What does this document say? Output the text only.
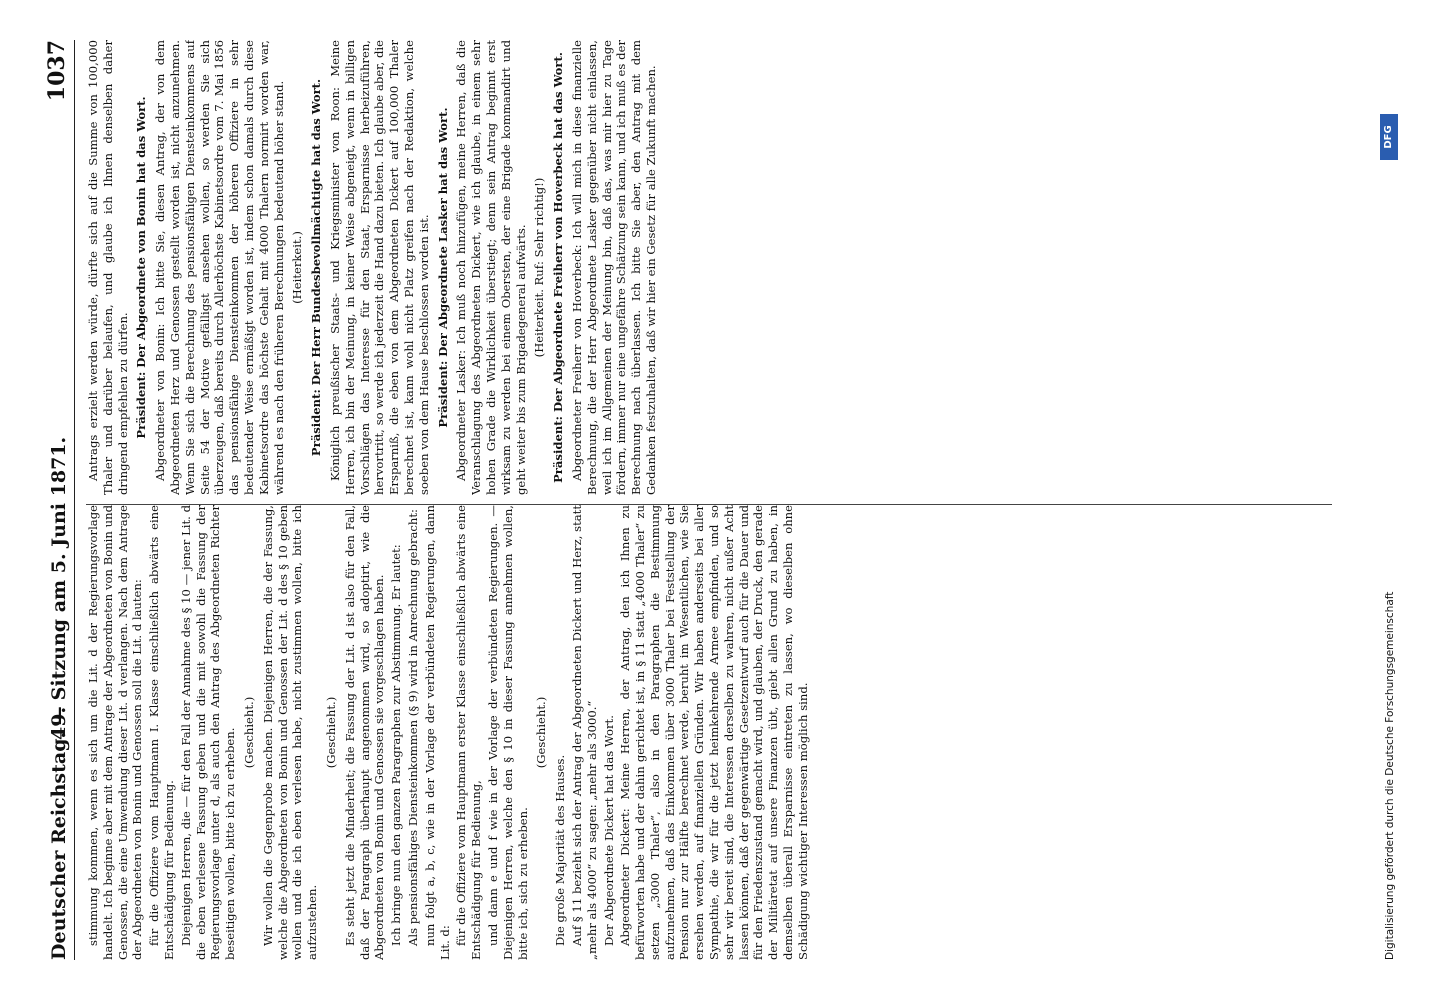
Deutscher Reichstag. —
49. Sitzung am 5. Juni 1871.
1037

stimmung kommen, wenn es sich um die Lit. d der Regierungsvorlage handelt. Ich beginne aber mit dem Antrage der Abgeordneten von Bonin und Genossen, die eine Umwendung dieser Lit. d verlangen. Nach dem Antrage der Abgeordneten von Bonin und Genossen soll die Lit. d lauten: für die Offiziere vom Hauptmann I. Klasse einschließlich abwärts eine Entschädigung für Bedienung. Diejenigen Herren, die — für den Fall der Annahme des § 10 — jener Lit. d die eben verlesene Fassung geben und die mit sowohl die Fassung der Regierungsvorlage unter d, als auch den Antrag des Abgeordneten Richter beseitigen wollen, bitte ich zu erheben. (Geschieht.) Wir wollen die Gegenprobe machen. Diejenigen Herren, die der Fassung, welche die Abgeordneten von Bonin und Genossen der Lit. d des § 10 geben wollen und die ich eben verlesen habe, nicht zustimmen wollen, bitte ich aufzustehen.

(Geschieht.) Es steht jetzt die Minderheit; die Fassung der Lit. d ist also für den Fall, daß der Paragraph überhaupt angenommen wird, so adoptirt, wie die Abgeordneten von Bonin und Genossen sie vorgeschlagen haben. Ich bringe nun den ganzen Paragraphen zur Abstimmung. Er lautet: Als pensionsfähiges Diensteinkommen (§ 9) wird in Anrechnung gebracht: nun folgt a, b, c, wie in der Vorlage der verbündeten Regierungen, dann Lit. d: für die Offiziere vom Hauptmann erster Klasse einschließlich abwärts eine Entschädigung für Bedienung, und dann e und f wie in der Vorlage der verbündeten Regierungen. — Diejenigen Herren, welche den § 10 in dieser Fassung annehmen wollen, bitte ich, sich zu erheben.

(Geschieht.)

Die große Majorität des Hauses. Auf § 11 bezieht sich der Antrag der Abgeordneten Dickert und Herz, statt „mehr als 4000“ zu sagen: „mehr als 3000.“ Der Abgeordnete Dickert hat das Wort. Abgeordneter Dickert: Meine Herren, der Antrag, den ich Ihnen zu befürworten habe und der dahin gerichtet ist, in § 11 statt „4000 Thaler“ zu setzen „3000 Thaler“, also in den Paragraphen die Bestimmung aufzunehmen, daß das Einkommen über 3000 Thaler bei Feststellung der Pension nur zur Hälfte berechnet werde, beruht im Wesentlichen, wie Sie ersehen werden, auf finanziellen Gründen. Wir haben anderseits bei aller Sympathie, die wir für die jetzt heimkehrende Armee empfinden, und so sehr wir bereit sind, die Interessen derselben zu wahren, nicht außer Acht lassen können, daß der gegenwärtige Gesetzentwurf auch für die Dauer und für den Friedenszustand gemacht wird, und glauben, der Druck, den gerade der Militäretat auf unsere Finanzen übt, giebt allen Grund zu haben, in demselben überall Ersparnisse eintreten zu lassen, wo dieselben ohne Schädigung wichtiger Interessen möglich sind.

Antrags erzielt werden würde, dürfte sich auf die Summe von 100,000 Thaler und darüber belaufen, und glaube ich Ihnen denselben daher dringend empfehlen zu dürfen. Präsident: Der Abgeordnete von Bonin hat das Wort. Abgeordneter von Bonin: Ich bitte Sie, diesen Antrag, der von dem Abgeordneten Herz und Genossen gestellt worden ist, nicht anzunehmen. Wenn Sie sich die Berechnung des pensionsfähigen Diensteinkommens auf Seite 54 der Motive gefälligst ansehen wollen, so werden Sie sich überzeugen, daß bereits durch Allerhöchste Kabinetsordre vom 7. Mai 1856 das pensionsfähige Diensteinkommen der höheren Offiziere in sehr bedeutender Weise ermäßigt worden ist, indem schon damals durch diese Kabinetsordre das höchste Gehalt mit 4000 Thalern normirt worden war, während es nach den früheren Berechnungen bedeutend höher stand. (Heiterkeit.) Präsident: Der Herr Bundesbevollmächtigte hat das Wort. Königlich preußischer Staats- und Kriegsminister von Roon: Meine Herren, ich bin der Meinung, in keiner Weise abgeneigt, wenn in billigen Vorschlägen das Interesse für den Staat, Ersparnisse herbeizuführen, hervortritt, so werde ich jederzeit die Hand dazu bieten. Ich glaube aber, die Ersparniß, die eben von dem Abgeordneten Dickert auf 100,000 Thaler berechnet ist, kann wohl nicht Platz greifen nach der Redaktion, welche soeben von dem Hause beschlossen worden ist. Präsident: Der Abgeordnete Lasker hat das Wort. Abgeordneter Lasker: Ich muß noch hinzufügen, meine Herren, daß die Veranschlagung des Abgeordneten Dickert, wie ich glaube, in einem sehr hohen Grade die Wirklichkeit überstiegt; denn sein Antrag beginnt erst wirksam zu werden bei einem Obersten, der eine Brigade kommandirt und geht weiter bis zum Brigadegeneral aufwärts. (Heiterkeit. Ruf: Sehr richtig!) Präsident: Der Abgeordnete Freiherr von Hoverbeck hat das Wort. Abgeordneter Freiherr von Hoverbeck: Ich will mich in diese finanzielle Berechnung, die der Herr Abgeordnete Lasker gegenüber nicht einlassen, weil ich im Allgemeinen der Meinung bin, daß das, was mir hier zu Tage fördern, immer nur eine ungefähre Schätzung sein kann, und ich muß es der Berechnung nach überlassen. Ich bitte Sie aber, den Antrag mit dem Gedanken festzuhalten, daß wir hier ein Gesetz für alle Zukunft machen.

Digitalisierung gefördert durch die Deutsche Forschungsgemeinschaft
DFG
